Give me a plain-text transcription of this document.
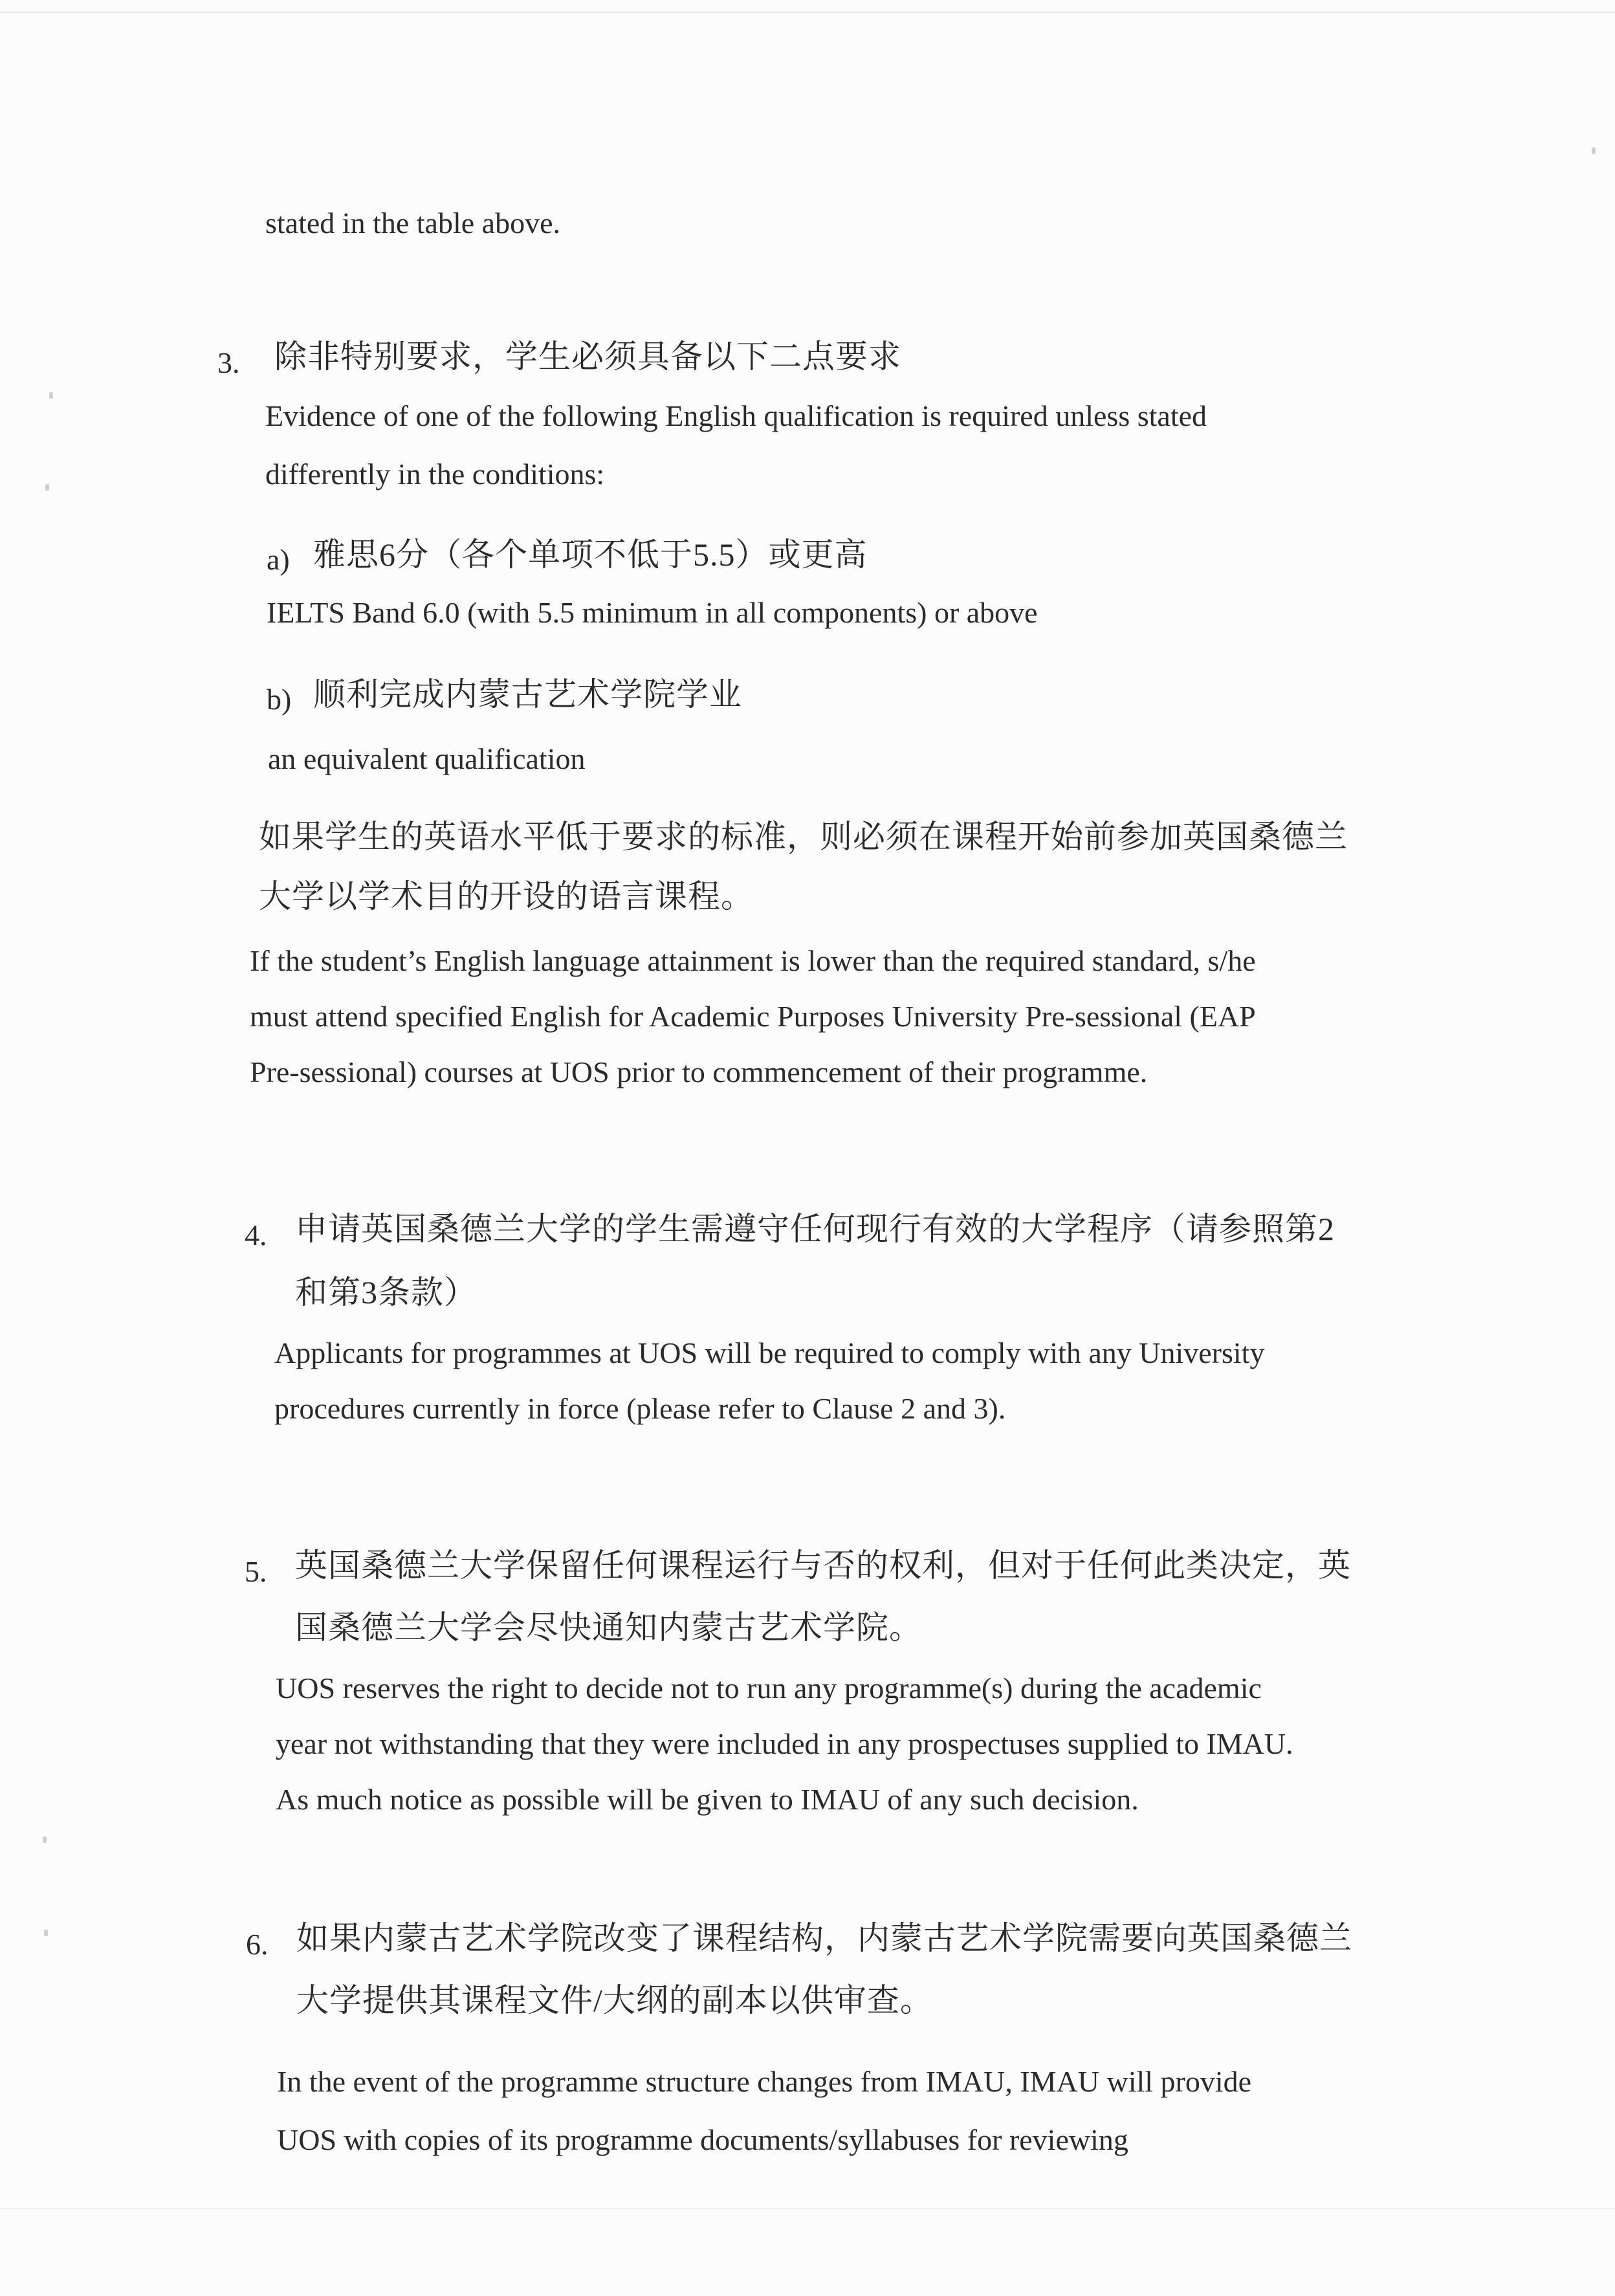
stated in the table above.
3. 除非特别要求，学生必须具备以下二点要求
Evidence of one of the following English qualification is required unless stated
differently in the conditions:
a) 雅思6分（各个单项不低于5.5）或更高
IELTS Band 6.0 (with 5.5 minimum in all components) or above
b) 顺利完成内蒙古艺术学院学业
an equivalent qualification
如果学生的英语水平低于要求的标准，则必须在课程开始前参加英国桑德兰
大学以学术目的开设的语言课程。
If the student’s English language attainment is lower than the required standard, s/he
must attend specified English for Academic Purposes University Pre-sessional (EAP
Pre-sessional) courses at UOS prior to commencement of their programme.
4. 申请英国桑德兰大学的学生需遵守任何现行有效的大学程序（请参照第2
和第3条款）
Applicants for programmes at UOS will be required to comply with any University
procedures currently in force (please refer to Clause 2 and 3).
5. 英国桑德兰大学保留任何课程运行与否的权利，但对于任何此类决定，英
国桑德兰大学会尽快通知内蒙古艺术学院。
UOS reserves the right to decide not to run any programme(s) during the academic
year not withstanding that they were included in any prospectuses supplied to IMAU.
As much notice as possible will be given to IMAU of any such decision.
6. 如果内蒙古艺术学院改变了课程结构，内蒙古艺术学院需要向英国桑德兰
大学提供其课程文件/大纲的副本以供审查。
In the event of the programme structure changes from IMAU, IMAU will provide
UOS with copies of its programme documents/syllabuses for reviewing
